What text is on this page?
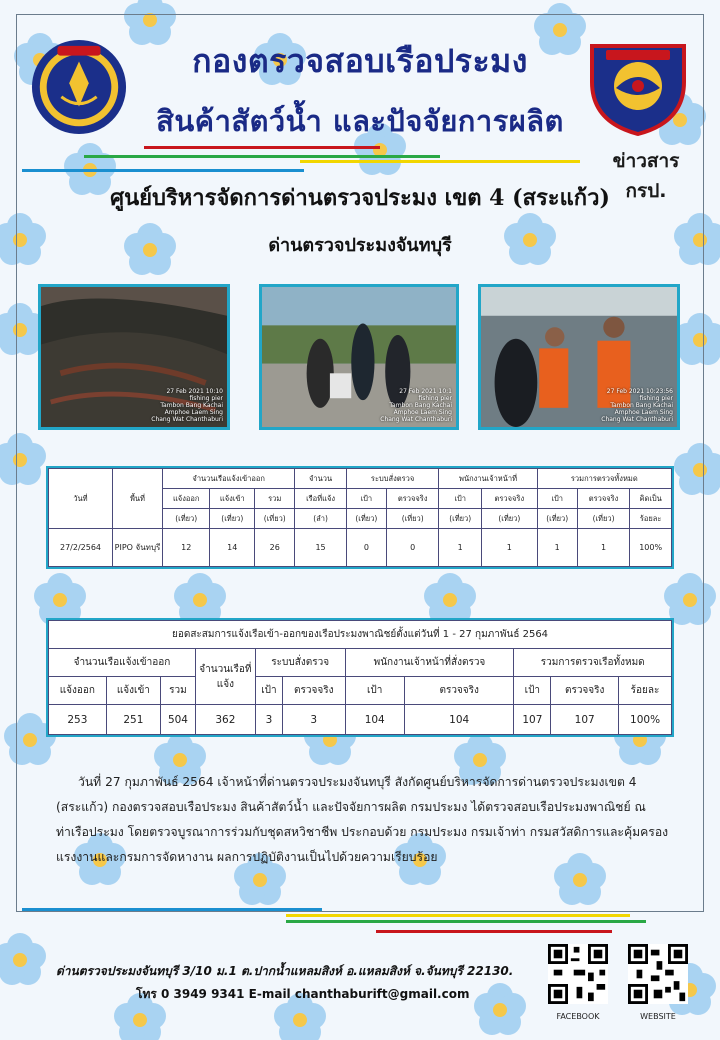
กองตรวจสอบเรือประมง
สินค้าสัตว์น้ำ และปัจจัยการผลิต
ข่าวสาร กรป.
ศูนย์บริหารจัดการด่านตรวจประมง เขต 4 (สระแก้ว)
ด่านตรวจประมงจันทบุรี
27 Feb 2021 10:10
fishing pier
Tambon Bang Kachai
Amphoe Laem Sing
Chang Wat Chanthaburi
27 Feb 2021 10:1
fishing pier
Tambon Bang Kachai
Amphoe Laem Sing
Chang Wat Chanthaburi
27 Feb 2021 10:23:56
fishing pier
Tambon Bang Kachai
Amphoe Laem Sing
Chang Wat Chanthaburi
วันที่	พื้นที่	จำนวนเรือแจ้งเข้าออก			จำนวน	ระบบสั่งตรวจ		พนักงานเจ้าหน้าที่		รวมการตรวจทั้งหมด		
		แจ้งออก	แจ้งเข้า	รวม	เรือที่แจ้ง	เป้า	ตรวจจริง	เป้า	ตรวจจริง	เป้า	ตรวจจริง	คิดเป็น
		(เที่ยว)	(เที่ยว)	(เที่ยว)	(ลำ)	(เที่ยว)	(เที่ยว)	(เที่ยว)	(เที่ยว)	(เที่ยว)	(เที่ยว)	ร้อยละ
27/2/2564	PIPO จันทบุรี	12	14	26	15	0	0	1	1	1	1	100%
ยอดสะสมการแจ้งเรือเข้า-ออกของเรือประมงพาณิชย์ตั้งแต่วันที่ 1 - 27 กุมภาพันธ์ 2564										
จำนวนเรือแจ้งเข้าออก			จำนวนเรือที่แจ้ง	ระบบสั่งตรวจ		พนักงานเจ้าหน้าที่สั่งตรวจ		รวมการตรวจเรือทั้งหมด		
แจ้งออก	แจ้งเข้า	รวม		เป้า	ตรวจจริง	เป้า	ตรวจจริง	เป้า	ตรวจจริง	ร้อยละ
253	251	504	362	3	3	104	104	107	107	100%
วันที่ 27 กุมภาพันธ์ 2564 เจ้าหน้าที่ด่านตรวจประมงจันทบุรี สังกัดศูนย์บริหารจัดการด่านตรวจประมงเขต 4 (สระแก้ว) กองตรวจสอบเรือประมง สินค้าสัตว์น้ำ และปัจจัยการผลิต กรมประมง ได้ตรวจสอบเรือประมงพาณิชย์ ณ ท่าเรือประมง โดยตรวจบูรณาการร่วมกับชุดสหวิชาชีพ ประกอบด้วย กรมประมง กรมเจ้าท่า กรมสวัสดิการและคุ้มครองแรงงานและกรมการจัดหางาน ผลการปฏิบัติงานเป็นไปด้วยความเรียบร้อย
ด่านตรวจประมงจันทบุรี 3/10 ม.1 ต.ปากน้ำแหลมสิงห์ อ.แหลมสิงห์ จ.จันทบุรี 22130.
โทร 0 3949 9341 E-mail chanthaburift@gmail.com
FACEBOOK	WEBSITE
